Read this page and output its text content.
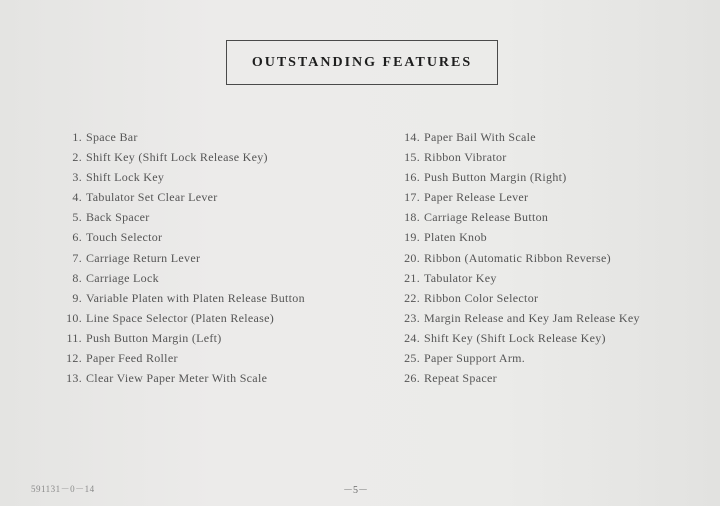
OUTSTANDING FEATURES
1. Space Bar
2. Shift Key (Shift Lock Release Key)
3. Shift Lock Key
4. Tabulator Set Clear Lever
5. Back Spacer
6. Touch Selector
7. Carriage Return Lever
8. Carriage Lock
9. Variable Platen with Platen Release Button
10. Line Space Selector (Platen Release)
11. Push Button Margin (Left)
12. Paper Feed Roller
13. Clear View Paper Meter With Scale
14. Paper Bail With Scale
15. Ribbon Vibrator
16. Push Button Margin (Right)
17. Paper Release Lever
18. Carriage Release Button
19. Platen Knob
20. Ribbon (Automatic Ribbon Reverse)
21. Tabulator Key
22. Ribbon Color Selector
23. Margin Release and Key Jam Release Key
24. Shift Key (Shift Lock Release Key)
25. Paper Support Arm.
26. Repeat Spacer
591131－0－14	－5－
